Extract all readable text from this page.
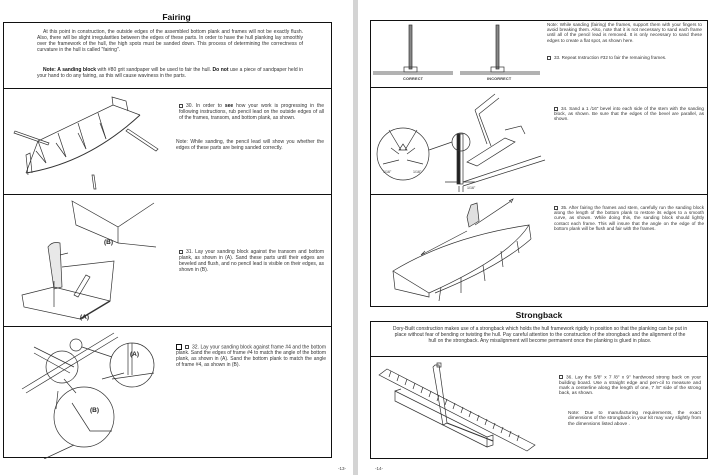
Fairing
At this point in construction, the outside edges of the assembled bottom plank and frames will not be exactly flush. Also, there will be slight irregularities between the edges of these parts. In order to have the hull planking lay smoothly over the framework of the hull, the high spots must be sanded down. This process of determining the correctness of curvature in the hull is called "fairing".
Note: A sanding block with #80 grit sandpaper will be used to fair the hull. Do not use a piece of sandpaper held in your hand to do any fairing, as this will cause waviness in the parts.
30. In order to see how your work is progressing in the following instructions, rub pencil lead on the outside edges of all of the frames, transom, and bottom plank, as shown.
Note: While sanding, the pencil lead will show you whether the edges of these parts are being sanded correctly.
(B)
(A)
31. Lay your sanding block against the transom and bottom plank, as shown in (A). Sand these parts until their edges are beveled and flush, and no pencil lead is visible on their edges, as shown in (B).
(A)
(B)
32. Lay your sanding block against frame #4 and the bottom plank. Sand the edges of frame #4 to match the angle of the bottom plank, as shown in (A). Sand the bottom plank to match the angle of frame #4, as shown in (B).
-13-
CORRECT	INCORRECT
Note: While sanding (fairing) the frames, support them with your fingers to avoid breaking them. Also, note that it is not necessary to sand each frame until all of the pencil lead is removed. It is only necessary to sand these edges to create a flat spot, as shown here.
33. Repeat Instruction #32 to fair the remaining frames.
1/16"	1/16"
1/16"
34. Sand a 1 /16" bevel into each side of the stem with the sanding block, as shown. Be sure that the edges of the bevel are parallel, as shown.
35. After fairing the frames and stem, carefully run the sanding block along the length of the bottom plank to restore its edges to a smooth curve, as shown. While doing this, the sanding block should lightly contact each frame. This will insure that the angle on the edge of the bottom plank will be flush and fair with the frames.
Strongback
Dory-Built construction makes use of a strongback which holds the hull framework rigidly in position so that the planking can be put in place without fear of bending or twisting the hull. Pay careful attention to the construction of the strongback and the alignment of the hull on the strongback. Any misalignment will become permanent once the planking is glued in place.
36. Lay the 5/8" x 7 /8" x 9" hardwood strong back on your building board. Use a straight edge and pen-cil to measure and mark a centerline along the length of one, 7 /8" side of the strong back, as shown.
Note: Due to manufacturing requirements, the exact dimensions of the strongback in your kit may vary slightly from the dimensions listed above .
-14-
